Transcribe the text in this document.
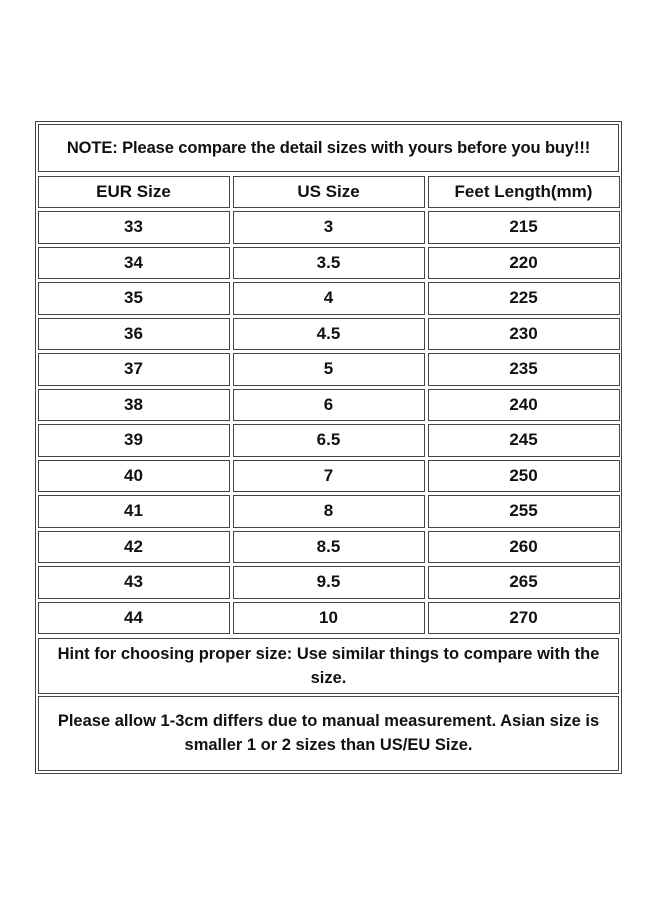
NOTE: Please compare the detail sizes with yours before you buy!!!
EUR Size	US Size	Feet Length(mm)
33	3	215
34	3.5	220
35	4	225
36	4.5	230
37	5	235
38	6	240
39	6.5	245
40	7	250
41	8	255
42	8.5	260
43	9.5	265
44	10	270
Hint for choosing proper size: Use similar things to compare with the size.
Please allow 1-3cm differs due to manual measurement. Asian size is smaller 1 or 2 sizes than US/EU Size.
